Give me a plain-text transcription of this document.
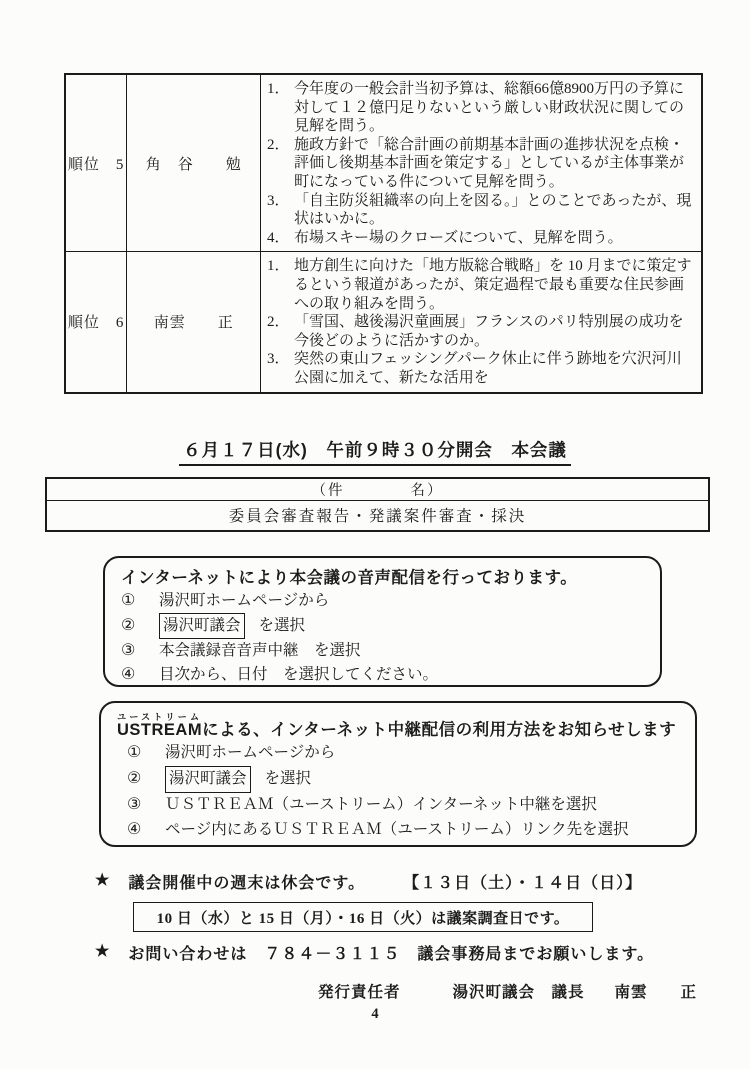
順位　5	角　谷　　勉	
1． 今年度の一般会計当初予算は、総額66億8900万円の予算に対して１２億円足りないという厳しい財政状況に関しての見解を問う。
2． 施政方針で「総合計画の前期基本計画の進捗状況を点検・評価し後期基本計画を策定する」としているが主体事業が町になっている件について見解を問う。
3． 「自主防災組織率の向上を図る。」とのことであったが、現状はいかに。
4． 布場スキー場のクローズについて、見解を問う。

順位　6	南雲　　正	
1． 地方創生に向けた「地方版総合戦略」を 10 月までに策定するという報道があったが、策定過程で最も重要な住民参画への取り組みを問う。
2． 「雪国、越後湯沢童画展」フランスのパリ特別展の成功を今後どのように活かすのか。
3． 突然の東山フェッシングパーク休止に伴う跡地を穴沢河川公園に加えて、新たな活用を
６月１７日(水)　午前９時３０分開会　本会議
（件　　　　名）
委員会審査報告・発議案件審査・採決
インターネットにより本会議の音声配信を行っております。
①	湯沢町ホームページから
②	湯沢町議会 を選択
③	本会議録音音声中継　を選択
④	目次から、日付　を選択してください。
USTREAMユーストリームによる、インターネット中継配信の利用方法をお知らせします
①	湯沢町ホームページから
②	湯沢町議会 を選択
③	ＵＳＴＲＥＡＭ（ユーストリーム）インターネット中継を選択
④	ページ内にあるＵＳＴＲＥＡＭ（ユーストリーム）リンク先を選択
★ 議会開催中の週末は休会です。 【１３日（土）・１４日（日）】
10 日（水）と 15 日（月）・16 日（火）は議案調査日です。
★ お問い合わせは　７８４－３１１５　議会事務局までお願いします。
発行責任者	湯沢町議会　議長 南雲　　正
4
